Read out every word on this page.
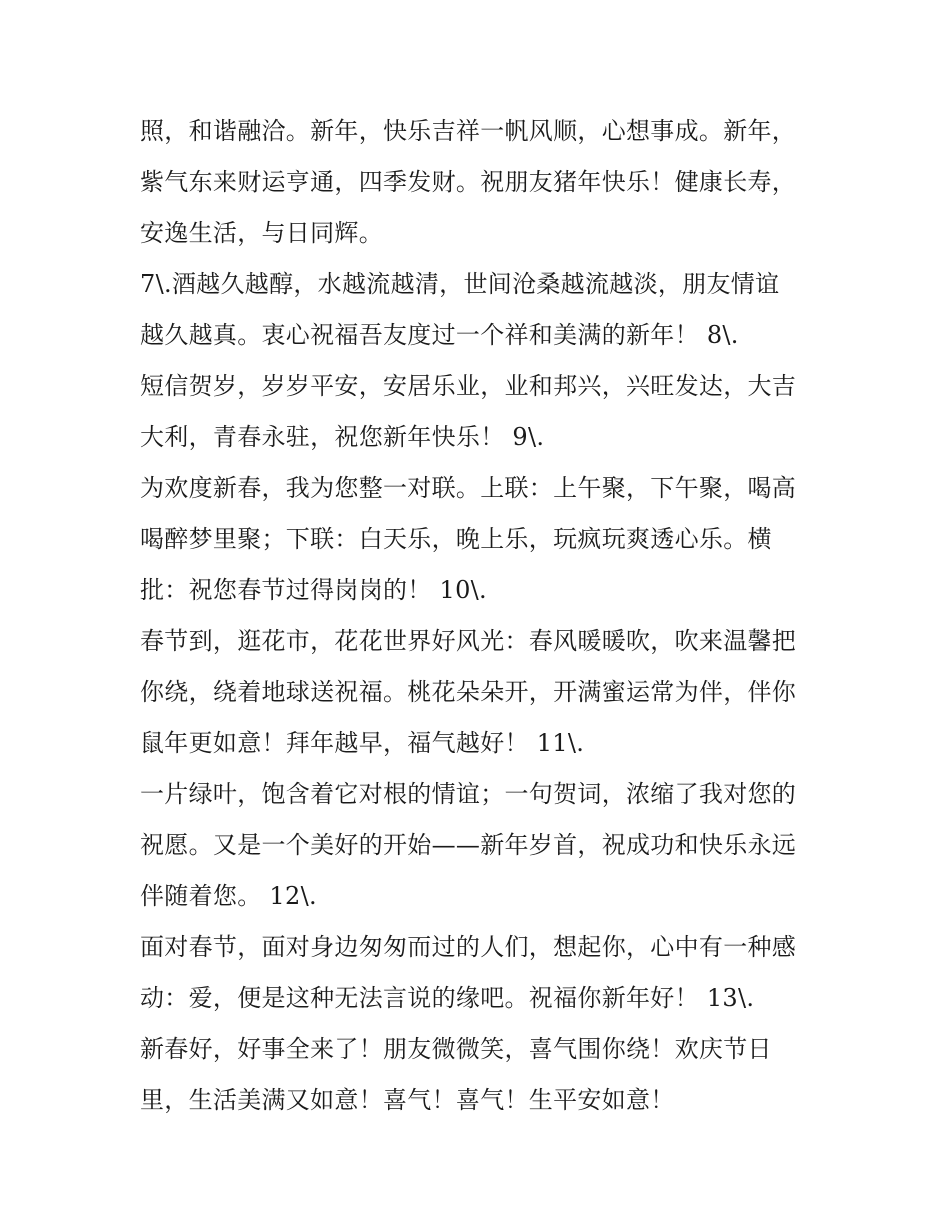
照，和谐融洽。新年，快乐吉祥一帆风顺，心想事成。新年，
紫气东来财运亨通，四季发财。祝朋友猪年快乐！健康长寿，
安逸生活，与日同辉。
7\.酒越久越醇，水越流越清，世间沧桑越流越淡，朋友情谊
越久越真。衷心祝福吾友度过一个祥和美满的新年！ 8\.
短信贺岁，岁岁平安，安居乐业，业和邦兴，兴旺发达，大吉
大利，青春永驻，祝您新年快乐！ 9\.
为欢度新春，我为您整一对联。上联：上午聚，下午聚，喝高
喝醉梦里聚；下联：白天乐，晚上乐，玩疯玩爽透心乐。横
批：祝您春节过得岗岗的！ 10\.
春节到，逛花市，花花世界好风光：春风暖暖吹，吹来温馨把
你绕，绕着地球送祝福。桃花朵朵开，开满蜜运常为伴，伴你
鼠年更如意！拜年越早，福气越好！ 11\.
一片绿叶，饱含着它对根的情谊；一句贺词，浓缩了我对您的
祝愿。又是一个美好的开始——新年岁首，祝成功和快乐永远
伴随着您。 12\.
面对春节，面对身边匆匆而过的人们，想起你，心中有一种感
动：爱，便是这种无法言说的缘吧。祝福你新年好！ 13\.
新春好，好事全来了！朋友微微笑，喜气围你绕！欢庆节日
里，生活美满又如意！喜气！喜气！生平安如意！
